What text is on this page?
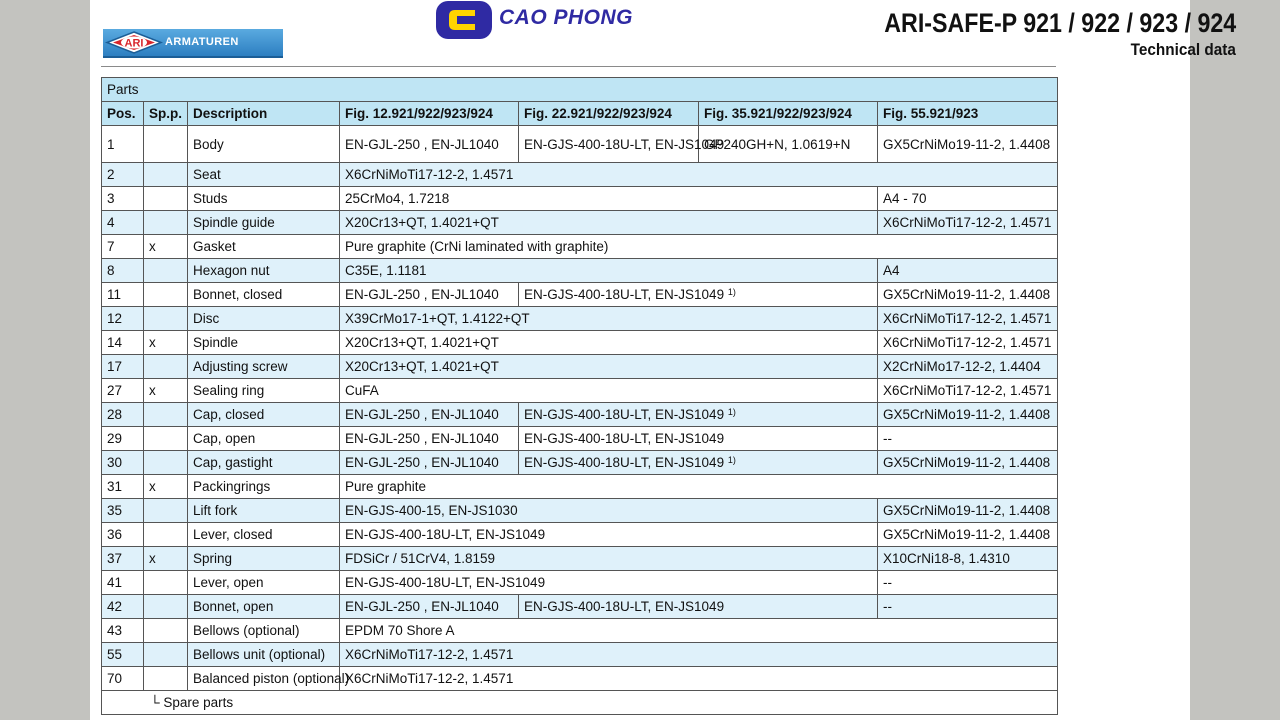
ARI ARMATUREN
CAO PHONG	ARI-SAFE-P 921 / 922 / 923 / 924
Technical data
Parts						
Pos.	Sp.p.	Description	Fig. 12.921/922/923/924	Fig. 22.921/922/923/924	Fig. 35.921/922/923/924	Fig. 55.921/923
1		Body	EN-GJL-250 , EN-JL1040	EN-GJS-400-18U-LT, EN-JS1049	GP240GH+N, 1.0619+N	GX5CrNiMo19-11-2, 1.4408
2		Seat	X6CrNiMoTi17-12-2, 1.4571			
3		Studs	25CrMo4, 1.7218			A4 - 70
4		Spindle guide	X20Cr13+QT, 1.4021+QT			X6CrNiMoTi17-12-2, 1.4571
7	x	Gasket	Pure graphite (CrNi laminated with graphite)			
8		Hexagon nut	C35E, 1.1181			A4
11		Bonnet, closed	EN-GJL-250 , EN-JL1040	EN-GJS-400-18U-LT, EN-JS1049 $^{1)}$		GX5CrNiMo19-11-2, 1.4408
12		Disc	X39CrMo17-1+QT, 1.4122+QT			X6CrNiMoTi17-12-2, 1.4571
14	x	Spindle	X20Cr13+QT, 1.4021+QT			X6CrNiMoTi17-12-2, 1.4571
17		Adjusting screw	X20Cr13+QT, 1.4021+QT			X2CrNiMo17-12-2, 1.4404
27	x	Sealing ring	CuFA			X6CrNiMoTi17-12-2, 1.4571
28		Cap, closed	EN-GJL-250 , EN-JL1040	EN-GJS-400-18U-LT, EN-JS1049 $^{1)}$		GX5CrNiMo19-11-2, 1.4408
29		Cap, open	EN-GJL-250 , EN-JL1040	EN-GJS-400-18U-LT, EN-JS1049		--
30		Cap, gastight	EN-GJL-250 , EN-JL1040	EN-GJS-400-18U-LT, EN-JS1049 $^{1)}$		GX5CrNiMo19-11-2, 1.4408
31	x	Packingrings	Pure graphite			
35		Lift fork	EN-GJS-400-15, EN-JS1030			GX5CrNiMo19-11-2, 1.4408
36		Lever, closed	EN-GJS-400-18U-LT, EN-JS1049			GX5CrNiMo19-11-2, 1.4408
37	x	Spring	FDSiCr / 51CrV4, 1.8159			X10CrNi18-8, 1.4310
41		Lever, open	EN-GJS-400-18U-LT, EN-JS1049			--
42		Bonnet, open	EN-GJL-250 , EN-JL1040	EN-GJS-400-18U-LT, EN-JS1049		--
43		Bellows (optional)	EPDM 70 Shore A			
55		Bellows unit (optional)	X6CrNiMoTi17-12-2, 1.4571			
70		Balanced piston (optional)	X6CrNiMoTi17-12-2, 1.4571			
└ Spare parts						
